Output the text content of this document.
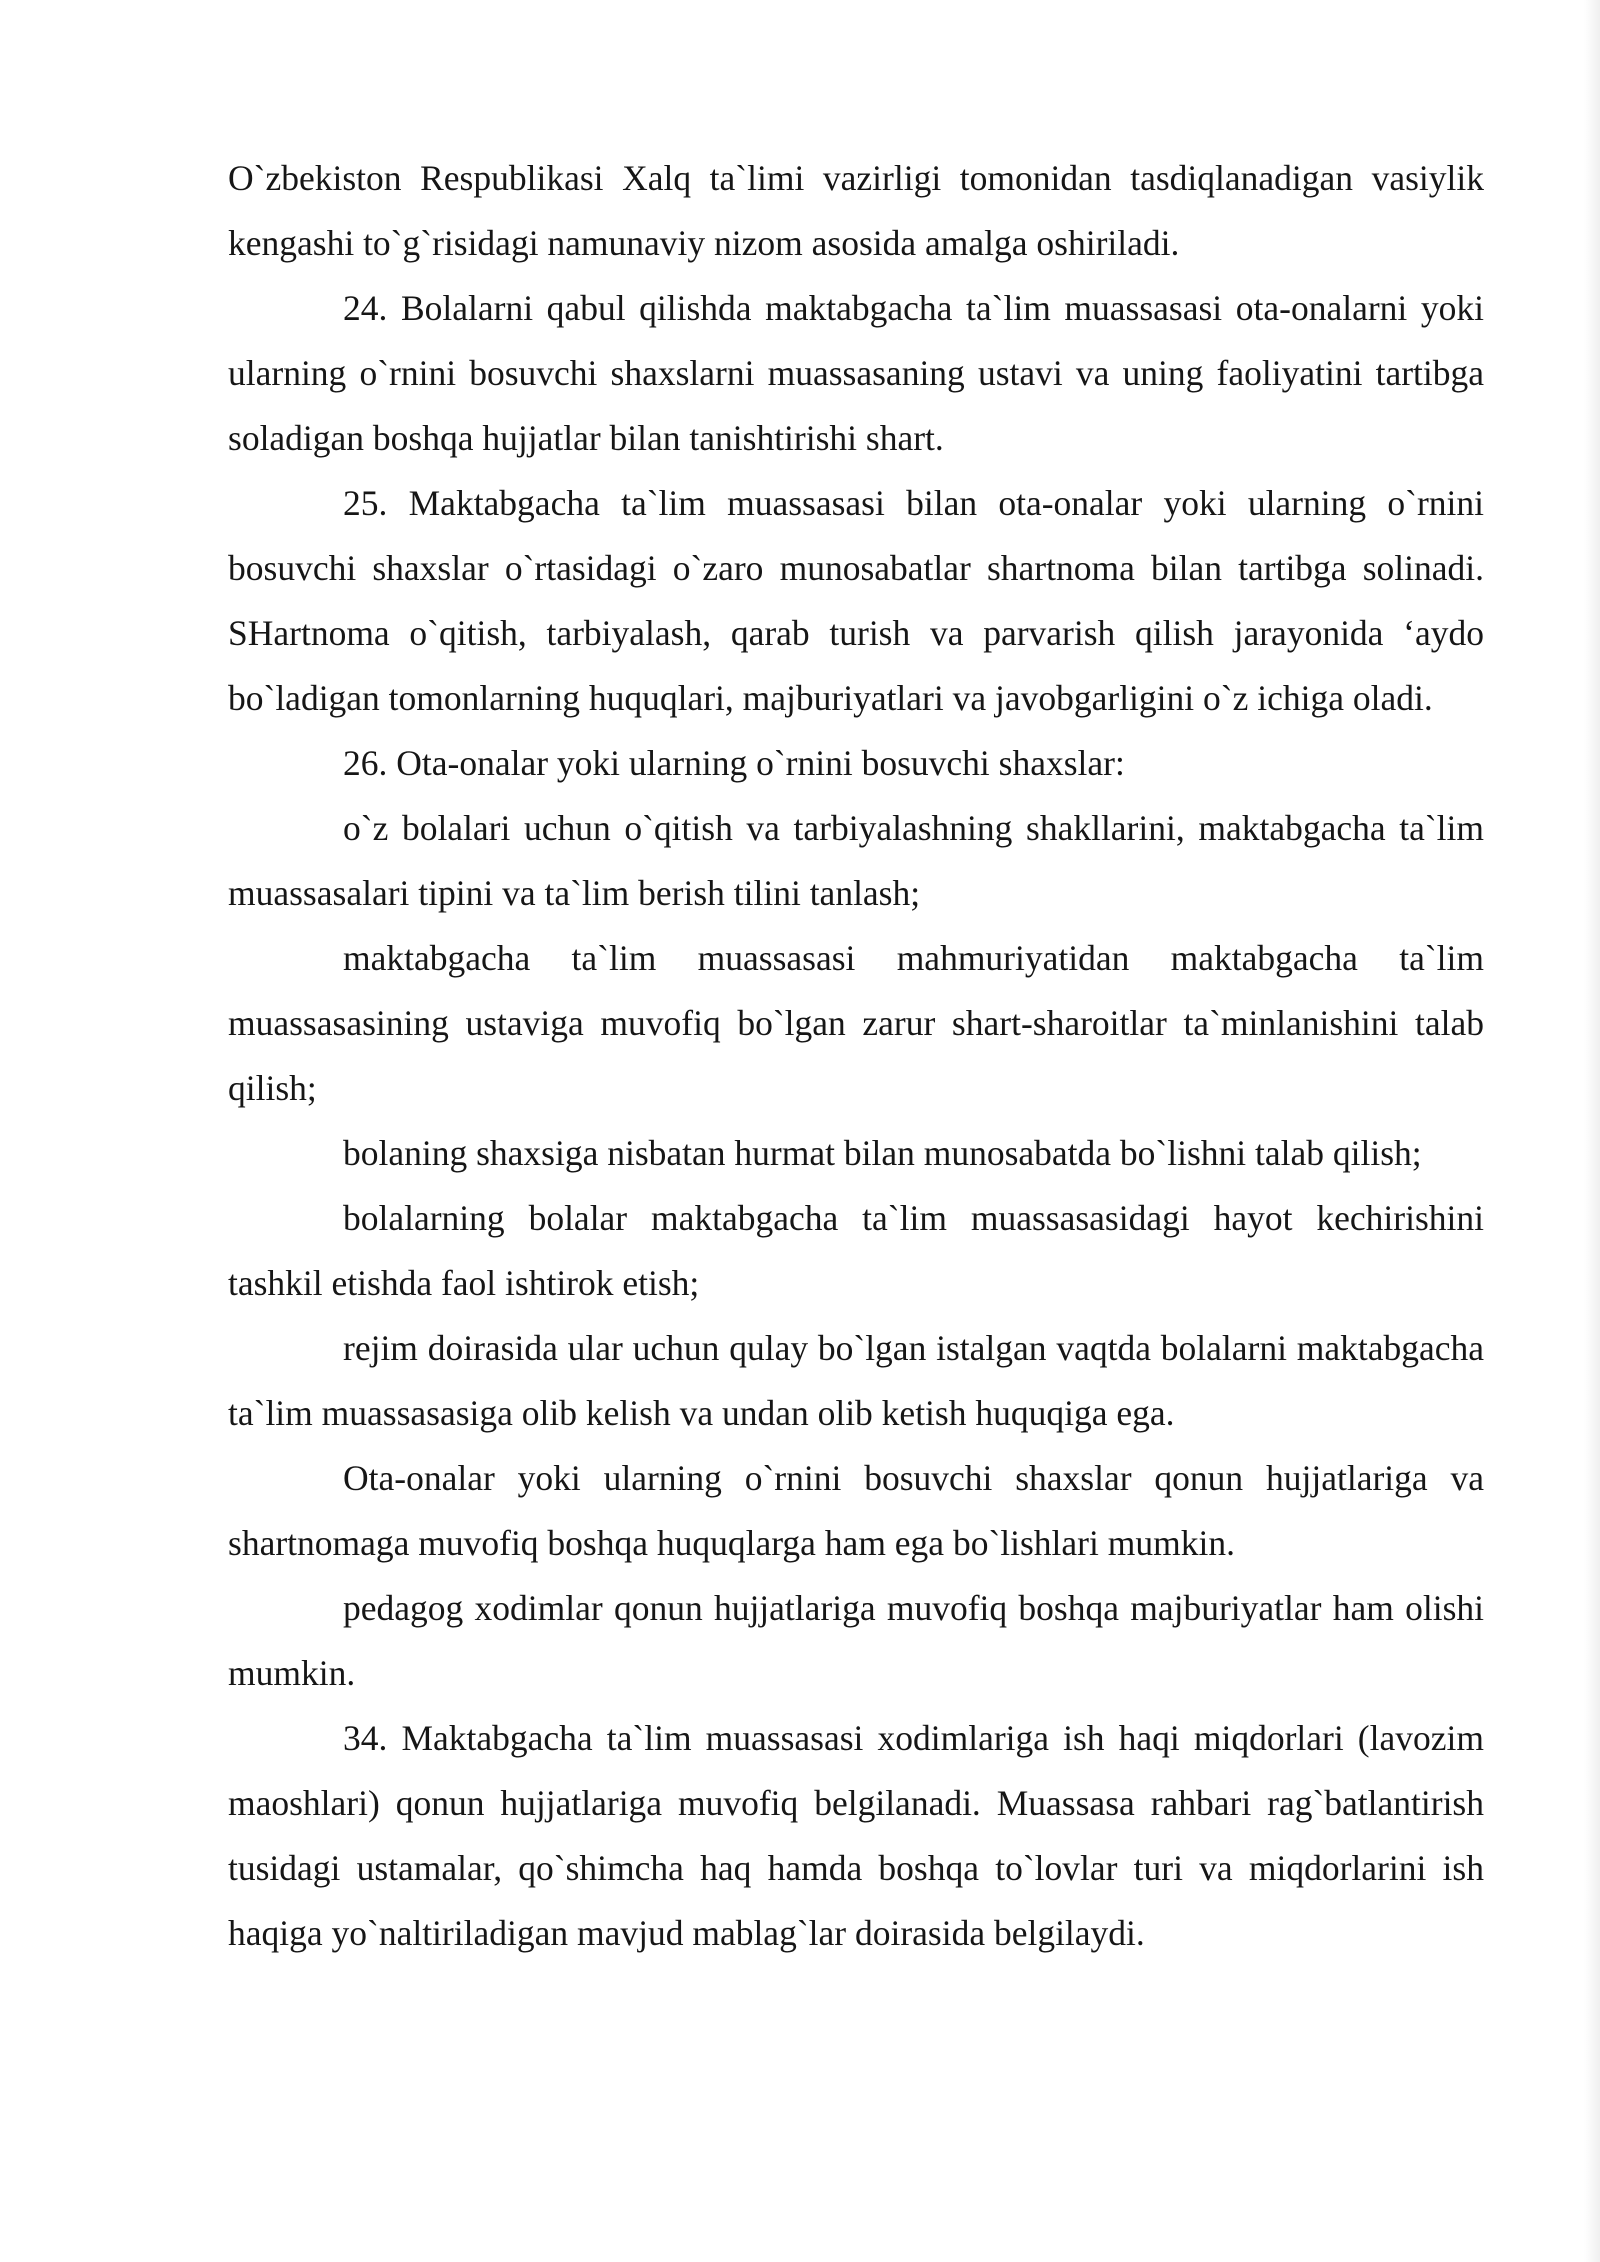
O`zbekiston Respublikasi Xalq ta`limi vazirligi tomonidan tasdiqlanadigan vasiylik kengashi to`g`risidagi namunaviy nizom asosida amalga oshiriladi.

24. Bolalarni qabul qilishda maktabgacha ta`lim muassasasi ota-onalarni yoki ularning o`rnini bosuvchi shaxslarni muassasaning ustavi va uning faoliyatini tartibga soladigan boshqa hujjatlar bilan tanishtirishi shart.

25. Maktabgacha ta`lim muassasasi bilan ota-onalar yoki ularning o`rnini bosuvchi shaxslar o`rtasidagi o`zaro munosabatlar shartnoma bilan tartibga solinadi. SHartnoma o`qitish, tarbiyalash, qarab turish va parvarish qilish jarayonida ‘aydo bo`ladigan tomonlarning huquqlari, majburiyatlari va javobgarligini o`z ichiga oladi.

26. Ota-onalar yoki ularning o`rnini bosuvchi shaxslar:

o`z bolalari uchun o`qitish va tarbiyalashning shakllarini, maktabgacha ta`lim muassasalari tipini va ta`lim berish tilini tanlash;

maktabgacha ta`lim muassasasi mahmuriyatidan maktabgacha ta`lim muassasasining ustaviga muvofiq bo`lgan zarur shart-sharoitlar ta`minlanishini talab qilish;

bolaning shaxsiga nisbatan hurmat bilan munosabatda bo`lishni talab qilish;

bolalarning bolalar maktabgacha ta`lim muassasasidagi hayot kechirishini tashkil etishda faol ishtirok etish;

rejim doirasida ular uchun qulay bo`lgan istalgan vaqtda bolalarni maktabgacha ta`lim muassasasiga olib kelish va undan olib ketish huquqiga ega.

Ota-onalar yoki ularning o`rnini bosuvchi shaxslar qonun hujjatlariga va shartnomaga muvofiq boshqa huquqlarga ham ega bo`lishlari mumkin.

pedagog xodimlar qonun hujjatlariga muvofiq boshqa majburiyatlar ham olishi mumkin.

34. Maktabgacha ta`lim muassasasi xodimlariga ish haqi miqdorlari (lavozim maoshlari) qonun hujjatlariga muvofiq belgilanadi. Muassasa rahbari rag`batlantirish tusidagi ustamalar, qo`shimcha haq hamda boshqa to`lovlar turi va miqdorlarini ish haqiga yo`naltiriladigan mavjud mablag`lar doirasida belgilaydi.
